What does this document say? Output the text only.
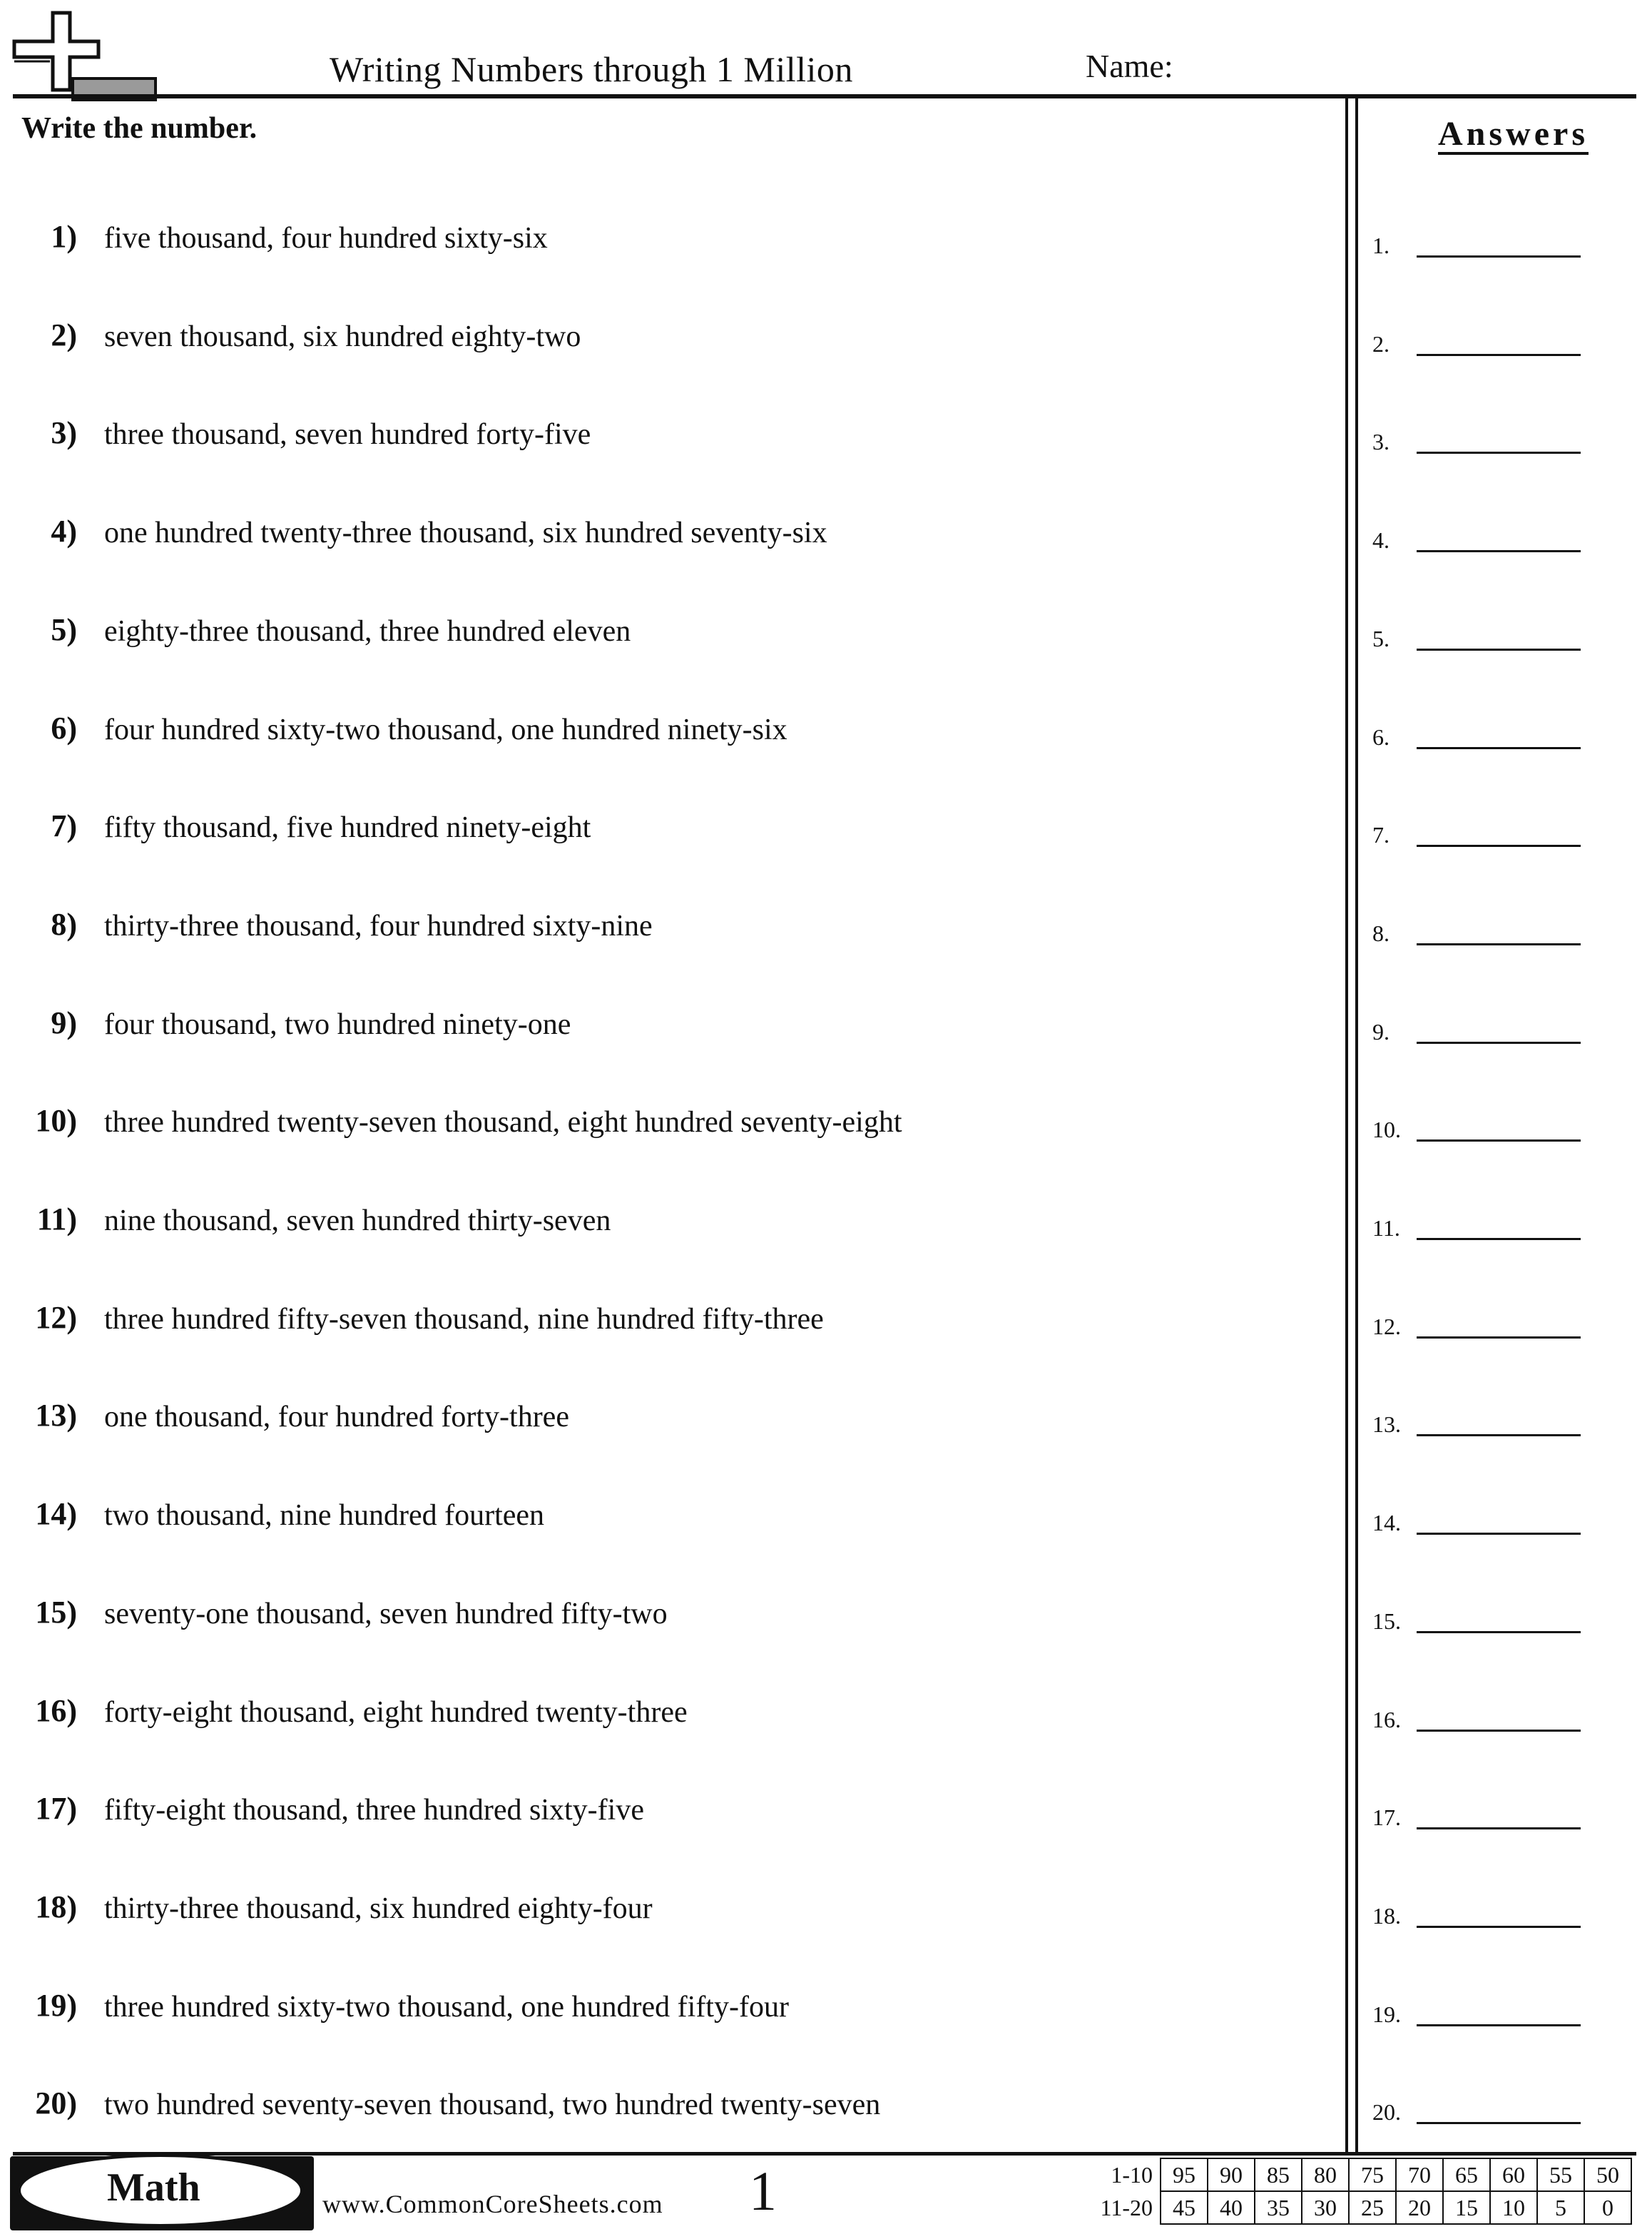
Writing Numbers through 1 Million	Name:
Write the number.	Answers
1) five thousand, four hundred sixty-six
2) seven thousand, six hundred eighty-two
3) three thousand, seven hundred forty-five
4) one hundred twenty-three thousand, six hundred seventy-six
5) eighty-three thousand, three hundred eleven
6) four hundred sixty-two thousand, one hundred ninety-six
7) fifty thousand, five hundred ninety-eight
8) thirty-three thousand, four hundred sixty-nine
9) four thousand, two hundred ninety-one
10) three hundred twenty-seven thousand, eight hundred seventy-eight
11) nine thousand, seven hundred thirty-seven
12) three hundred fifty-seven thousand, nine hundred fifty-three
13) one thousand, four hundred forty-three
14) two thousand, nine hundred fourteen
15) seventy-one thousand, seven hundred fifty-two
16) forty-eight thousand, eight hundred twenty-three
17) fifty-eight thousand, three hundred sixty-five
18) thirty-three thousand, six hundred eighty-four
19) three hundred sixty-two thousand, one hundred fifty-four
20) two hundred seventy-seven thousand, two hundred twenty-seven
1.
2.
3.
4.
5.
6.
7.
8.
9.
10.
11.
12.
13.
14.
15.
16.
17.
18.
19.
20.
Math	www.CommonCoreSheets.com 1	1-10	95	90	85	80	75	70	65	60	55	50
11-20	45	40	35	30	25	20	15	10	5	0
